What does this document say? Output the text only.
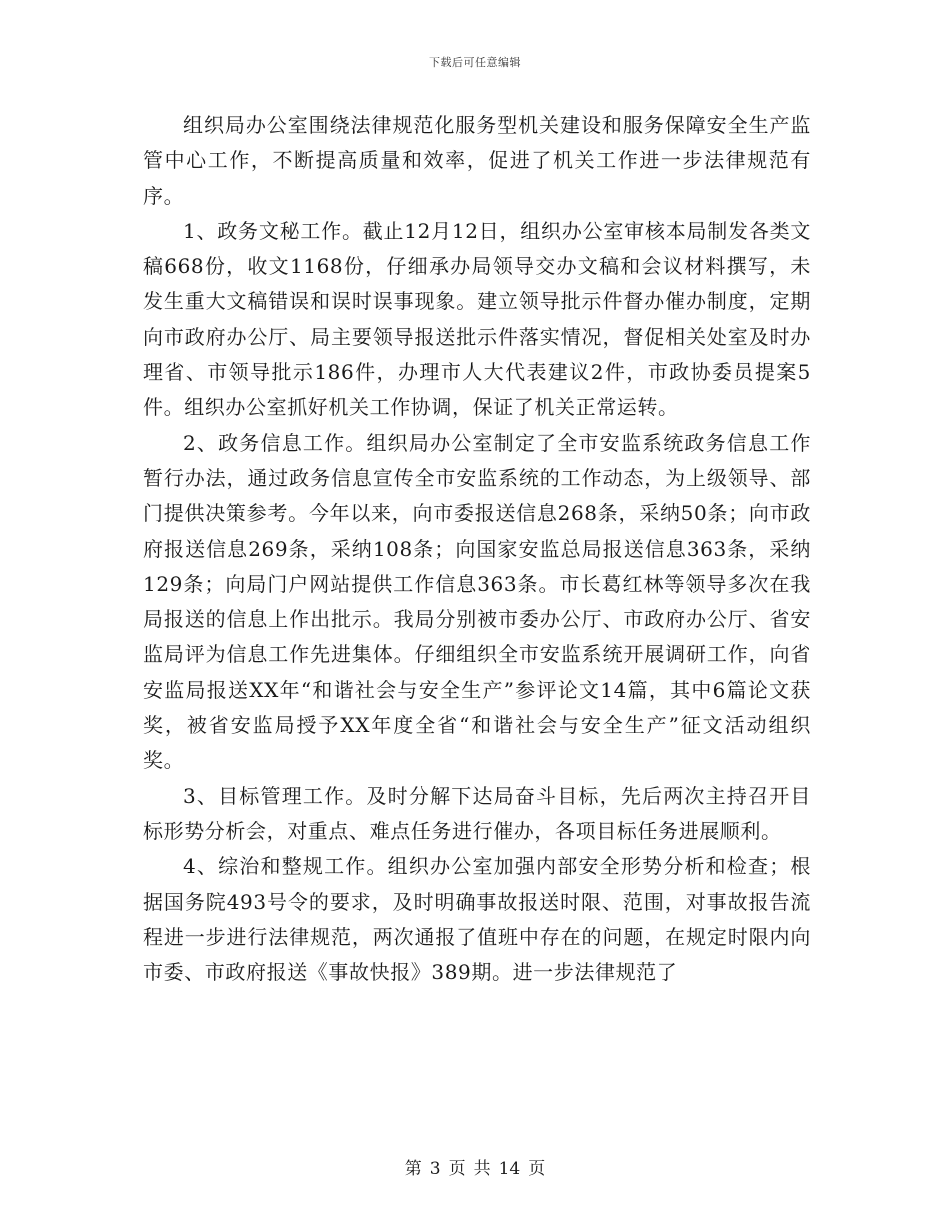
下载后可任意编辑

组织局办公室围绕法律规范化服务型机关建设和服务保障安全生产监管中心工作，不断提高质量和效率，促进了机关工作进一步法律规范有序。

1、政务文秘工作。截止12月12日，组织办公室审核本局制发各类文稿668份，收文1168份，仔细承办局领导交办文稿和会议材料撰写，未发生重大文稿错误和误时误事现象。建立领导批示件督办催办制度，定期向市政府办公厅、局主要领导报送批示件落实情况，督促相关处室及时办理省、市领导批示186件，办理市人大代表建议2件，市政协委员提案5件。组织办公室抓好机关工作协调，保证了机关正常运转。

2、政务信息工作。组织局办公室制定了全市安监系统政务信息工作暂行办法，通过政务信息宣传全市安监系统的工作动态，为上级领导、部门提供决策参考。今年以来，向市委报送信息268条，采纳50条；向市政府报送信息269条，采纳108条；向国家安监总局报送信息363条，采纳129条；向局门户网站提供工作信息363条。市长葛红林等领导多次在我局报送的信息上作出批示。我局分别被市委办公厅、市政府办公厅、省安监局评为信息工作先进集体。仔细组织全市安监系统开展调研工作，向省安监局报送XX年“和谐社会与安全生产”参评论文14篇，其中6篇论文获奖，被省安监局授予XX年度全省“和谐社会与安全生产”征文活动组织奖。

3、目标管理工作。及时分解下达局奋斗目标，先后两次主持召开目标形势分析会，对重点、难点任务进行催办，各项目标任务进展顺利。

4、综治和整规工作。组织办公室加强内部安全形势分析和检查；根据国务院493号令的要求，及时明确事故报送时限、范围，对事故报告流程进一步进行法律规范，两次通报了值班中存在的问题，在规定时限内向市委、市政府报送《事故快报》389期。进一步法律规范了

第 3 页 共 14 页
